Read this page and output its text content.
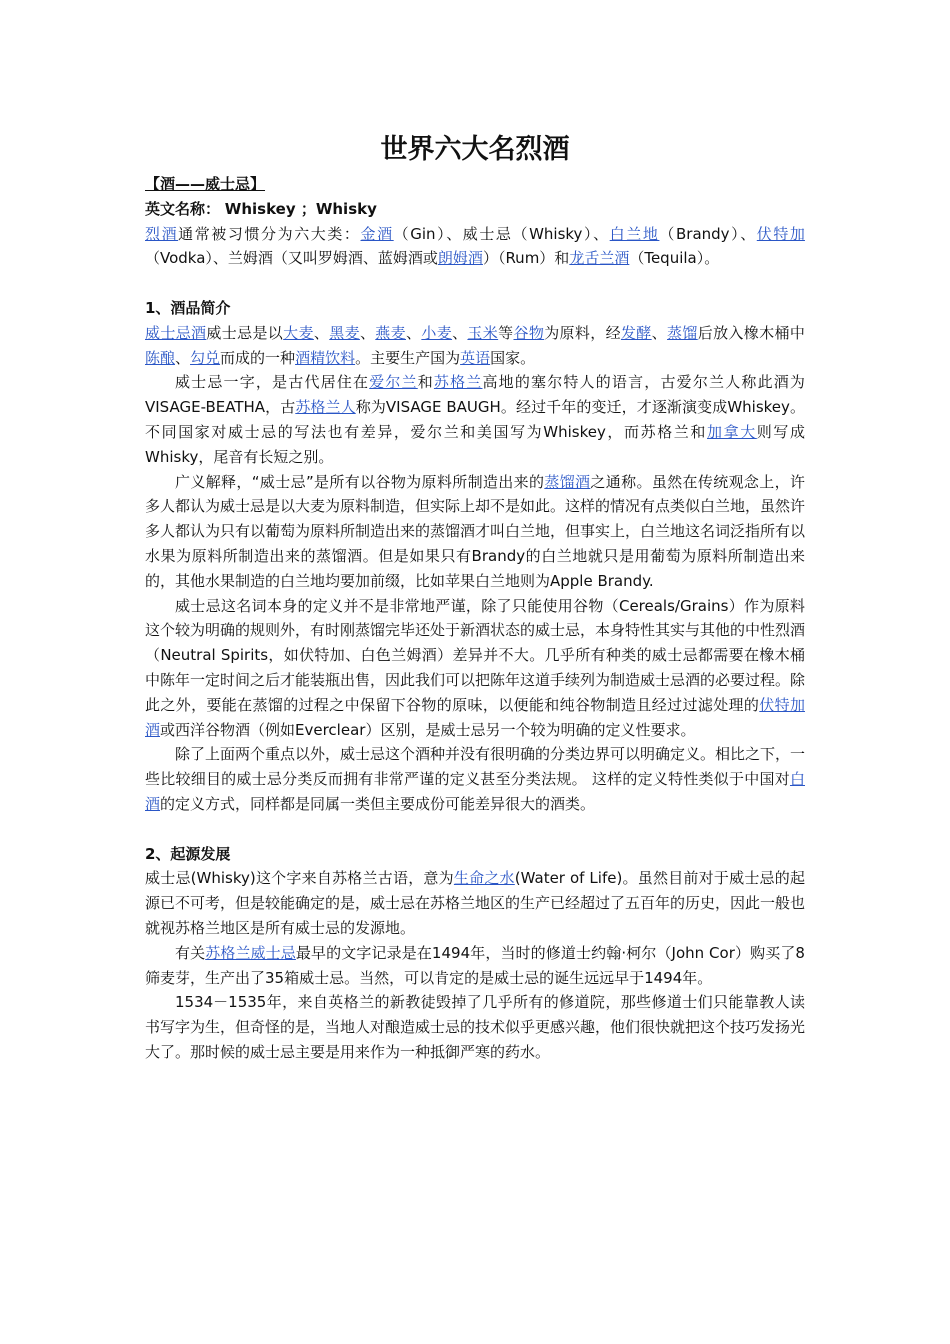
世界六大名烈酒
【酒——威士忌】

英文名称： Whiskey ；Whisky

烈酒通常被习惯分为六大类：金酒（Gin）、威士忌（Whisky）、白兰地（Brandy）、伏特加（Vodka）、兰姆酒（又叫罗姆酒、蓝姆酒或朗姆酒）（Rum）和龙舌兰酒（Tequila）。

1、酒品简介

威士忌酒威士忌是以大麦、黑麦、燕麦、小麦、玉米等谷物为原料，经发酵、蒸馏后放入橡木桶中陈酿、勾兑而成的一种酒精饮料。主要生产国为英语国家。

威士忌一字，是古代居住在爱尔兰和苏格兰高地的塞尔特人的语言，古爱尔兰人称此酒为VISAGE-BEATHA，古苏格兰人称为VISAGE BAUGH。经过千年的变迁，才逐渐演变成Whiskey。不同国家对威士忌的写法也有差异，爱尔兰和美国写为Whiskey，而苏格兰和加拿大则写成Whisky，尾音有长短之别。

广义解释，“威士忌”是所有以谷物为原料所制造出来的蒸馏酒之通称。虽然在传统观念上，许多人都认为威士忌是以大麦为原料制造，但实际上却不是如此。这样的情况有点类似白兰地，虽然许多人都认为只有以葡萄为原料所制造出来的蒸馏酒才叫白兰地，但事实上，白兰地这名词泛指所有以水果为原料所制造出来的蒸馏酒。但是如果只有Brandy的白兰地就只是用葡萄为原料所制造出来的，其他水果制造的白兰地均要加前缀，比如苹果白兰地则为Apple Brandy.

威士忌这名词本身的定义并不是非常地严谨，除了只能使用谷物（Cereals/Grains）作为原料这个较为明确的规则外，有时刚蒸馏完毕还处于新酒状态的威士忌，本身特性其实与其他的中性烈酒（Neutral Spirits，如伏特加、白色兰姆酒）差异并不大。几乎所有种类的威士忌都需要在橡木桶中陈年一定时间之后才能装瓶出售，因此我们可以把陈年这道手续列为制造威士忌酒的必要过程。除此之外，要能在蒸馏的过程之中保留下谷物的原味，以便能和纯谷物制造且经过过滤处理的伏特加酒或西洋谷物酒（例如Everclear）区别，是威士忌另一个较为明确的定义性要求。

除了上面两个重点以外，威士忌这个酒种并没有很明确的分类边界可以明确定义。相比之下，一些比较细目的威士忌分类反而拥有非常严谨的定义甚至分类法规。 这样的定义特性类似于中国对白酒的定义方式，同样都是同属一类但主要成份可能差异很大的酒类。

2、起源发展

威士忌(Whisky)这个字来自苏格兰古语，意为生命之水(Water of Life)。虽然目前对于威士忌的起源已不可考，但是较能确定的是，威士忌在苏格兰地区的生产已经超过了五百年的历史，因此一般也就视苏格兰地区是所有威士忌的发源地。

有关苏格兰威士忌最早的文字记录是在1494年，当时的修道士约翰·柯尔（John Cor）购买了8筛麦芽，生产出了35箱威士忌。当然，可以肯定的是威士忌的诞生远远早于1494年。

1534－1535年，来自英格兰的新教徒毁掉了几乎所有的修道院，那些修道士们只能靠教人读书写字为生，但奇怪的是，当地人对酿造威士忌的技术似乎更感兴趣，他们很快就把这个技巧发扬光大了。那时候的威士忌主要是用来作为一种抵御严寒的药水。
